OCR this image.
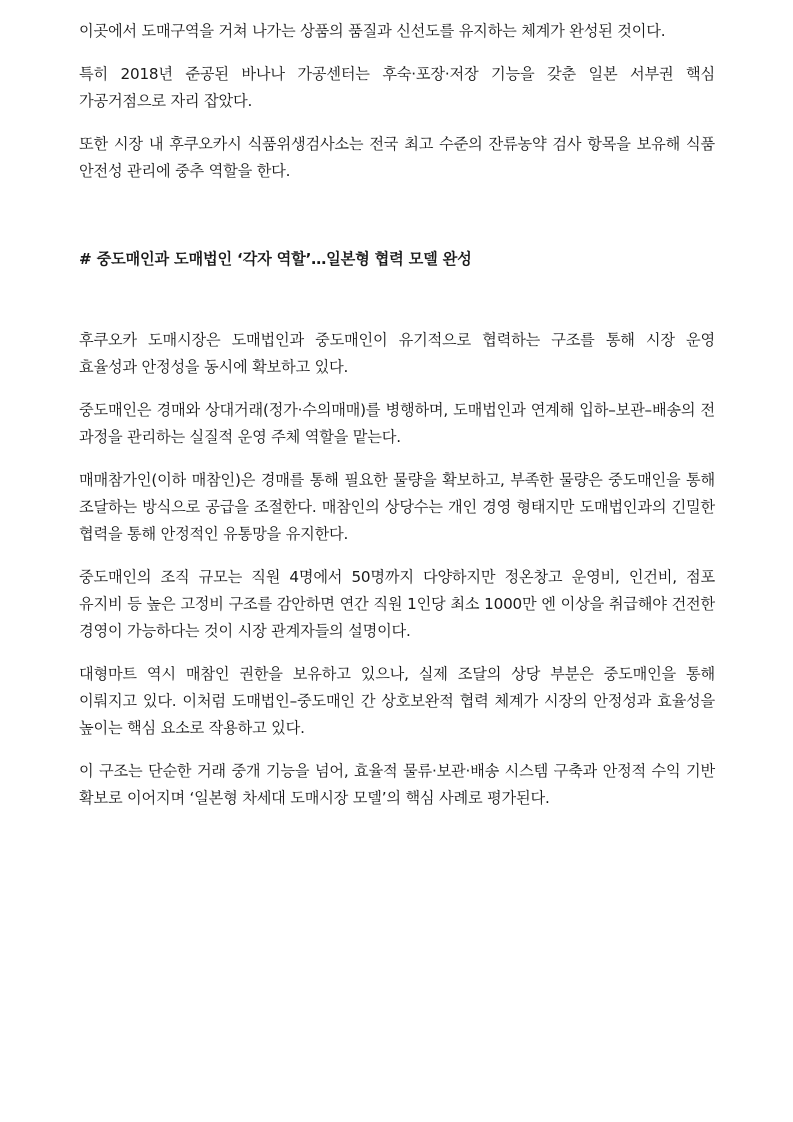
이곳에서 도매구역을 거쳐 나가는 상품의 품질과 신선도를 유지하는 체계가 완성된 것이다.

특히 2018년 준공된 바나나 가공센터는 후숙·포장·저장 기능을 갖춘 일본 서부권 핵심 가공거점으로 자리 잡았다.

또한 시장 내 후쿠오카시 식품위생검사소는 전국 최고 수준의 잔류농약 검사 항목을 보유해 식품 안전성 관리에 중추 역할을 한다.

# 중도매인과 도매법인 ‘각자 역할’…일본형 협력 모델 완성

후쿠오카 도매시장은 도매법인과 중도매인이 유기적으로 협력하는 구조를 통해 시장 운영 효율성과 안정성을 동시에 확보하고 있다.

중도매인은 경매와 상대거래(정가·수의매매)를 병행하며, 도매법인과 연계해 입하–보관–배송의 전 과정을 관리하는 실질적 운영 주체 역할을 맡는다.

매매참가인(이하 매참인)은 경매를 통해 필요한 물량을 확보하고, 부족한 물량은 중도매인을 통해 조달하는 방식으로 공급을 조절한다. 매참인의 상당수는 개인 경영 형태지만 도매법인과의 긴밀한 협력을 통해 안정적인 유통망을 유지한다.

중도매인의 조직 규모는 직원 4명에서 50명까지 다양하지만 정온창고 운영비, 인건비, 점포 유지비 등 높은 고정비 구조를 감안하면 연간 직원 1인당 최소 1000만 엔 이상을 취급해야 건전한 경영이 가능하다는 것이 시장 관계자들의 설명이다.

대형마트 역시 매참인 권한을 보유하고 있으나, 실제 조달의 상당 부분은 중도매인을 통해 이뤄지고 있다. 이처럼 도매법인–중도매인 간 상호보완적 협력 체계가 시장의 안정성과 효율성을 높이는 핵심 요소로 작용하고 있다.

이 구조는 단순한 거래 중개 기능을 넘어, 효율적 물류·보관·배송 시스템 구축과 안정적 수익 기반 확보로 이어지며 ‘일본형 차세대 도매시장 모델’의 핵심 사례로 평가된다.
